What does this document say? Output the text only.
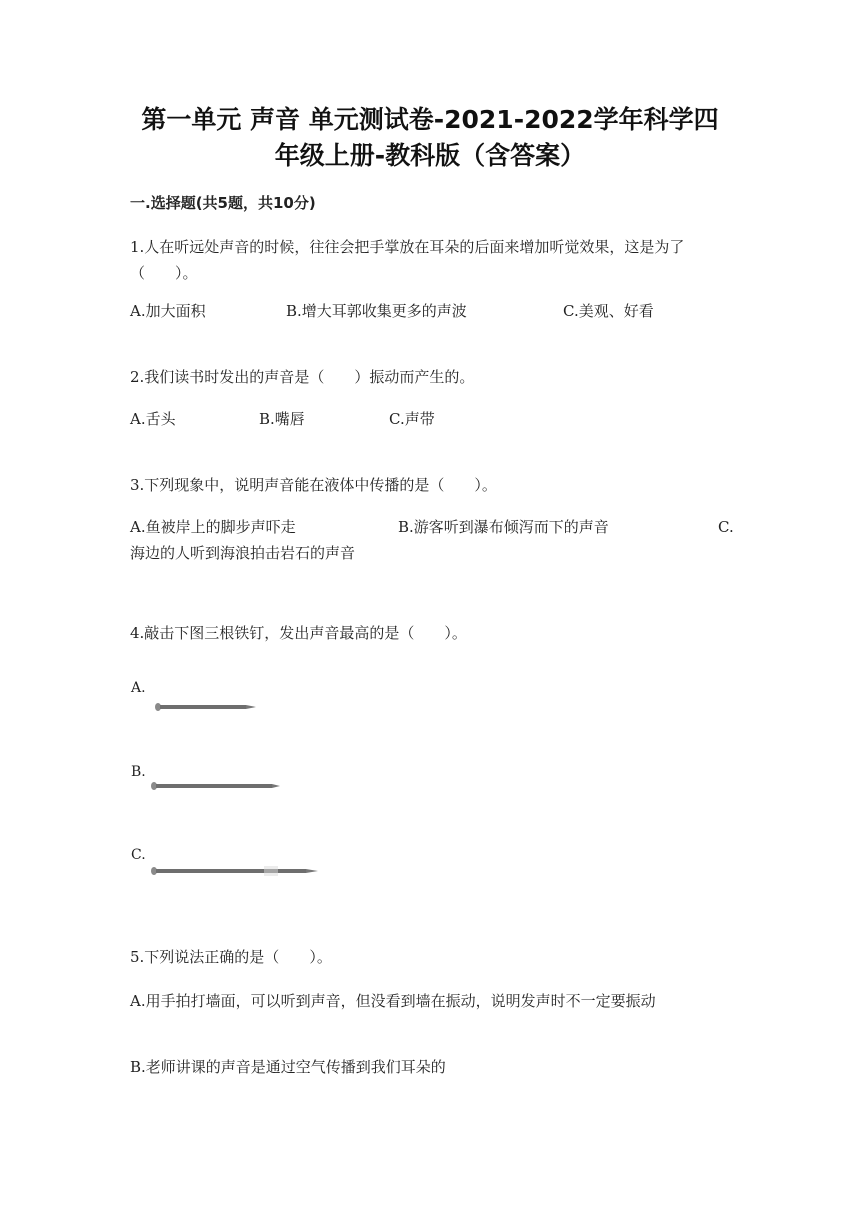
第一单元 声音 单元测试卷-2021-2022学年科学四
年级上册-教科版（含答案）
一.选择题(共5题，共10分)
1.人在听远处声音的时候，往往会把手掌放在耳朵的后面来增加听觉效果，这是为了（　　）。
A.加大面积	B.增大耳郭收集更多的声波	C.美观、好看
2.我们读书时发出的声音是（　　）振动而产生的。
A.舌头	B.嘴唇	C.声带
3.下列现象中，说明声音能在液体中传播的是（　　）。
A.鱼被岸上的脚步声吓走	B.游客听到瀑布倾泻而下的声音	C.
海边的人听到海浪拍击岩石的声音
4.敲击下图三根铁钉，发出声音最高的是（　　）。
A.
B.
C.
5.下列说法正确的是（　　）。
A.用手拍打墙面，可以听到声音，但没看到墙在振动，说明发声时不一定要振动
B.老师讲课的声音是通过空气传播到我们耳朵的
